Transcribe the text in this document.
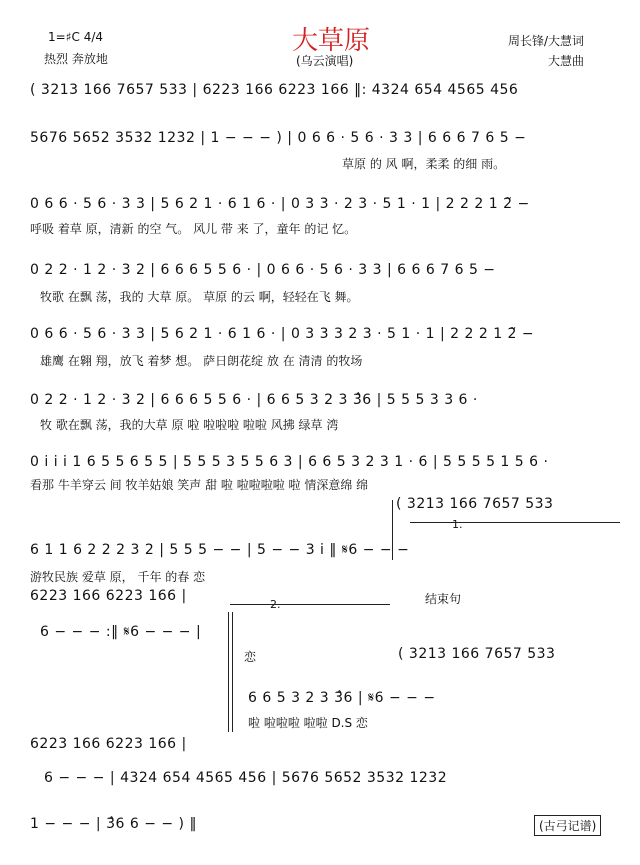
1=♯C 4/4
热烈 奔放地
大草原
(乌云演唱)
周长锋/大慧词
大慧曲
( 3213 166 7657 533 | 6223 166 6223 166 ‖: 4324 654 4565 456
5676 5652 3532 1232 | 1 − − − ) | 0 6 6 · 5 6 · 3 3 | 6 6 6 7 6 5 −
草原 的 风 啊，柔柔 的细 雨。
0 6 6 · 5 6 · 3 3 | 5 6 2 1 · 6 1 6 · | 0 3 3 · 2 3 · 5 1 · 1 | 2 2 2 1 2̃ −
呼吸 着草 原，清新 的空 气。 风儿 带 来 了，童年 的记 忆。
0 2 2 · 1 2 · 3 2 | 6 6 6 5 5 6 · | 0 6 6 · 5 6 · 3 3 | 6 6 6 7 6 5 −
牧歌 在飘 荡，我的 大草 原。 草原 的云 啊，轻轻在飞 舞。
0 6 6 · 5 6 · 3 3 | 5 6 2 1 · 6 1 6 · | 0 3 3 3 2 3 · 5 1 · 1 | 2 2 2 1 2̃ −
雄鹰 在翱 翔，放飞 着梦 想。 萨日朗花绽 放 在 清清 的牧场
0 2 2 · 1 2 · 3 2 | 6 6 6 5 5 6 · | 6 6 5 3 2 3 3̂6 | 5 5 5 3 3 6 ·
牧 歌在飘 荡，我的大草 原 啦 啦啦啦 啦啦 风拂 绿草 湾
0 i i i 1 6 5 5 6 5 5 | 5 5 5 3 5 5 6 3 | 6 6 5 3 2 3 1 · 6 | 5 5 5 5 1 5 6 ·
看那 牛羊穿云 间 牧羊姑娘 笑声 甜 啦 啦啦啦啦 啦 情深意绵 绵
( 3213 166 7657 533
1.
6 1 1 6 2 2 2 3 2 | 5 5 5 − − | 5 − − 3 i ‖ 𝄋6 − − −
游牧民族 爱草 原， 千年 的春 恋
6223 166 6223 166 |	结束句
2.
6 − − − :‖ 𝄋6 − − − |
恋	( 3213 166 7657 533
6 6 5 3 2 3 3̂6 | 𝄋6 − − −
啦 啦啦啦 啦啦 D.S 恋
6223 166 6223 166 |
6 − − − | 4324 654 4565 456 | 5676 5652 3532 1232
1 − − − | 3̂6 6 − − ) ‖	(古弓记谱)
